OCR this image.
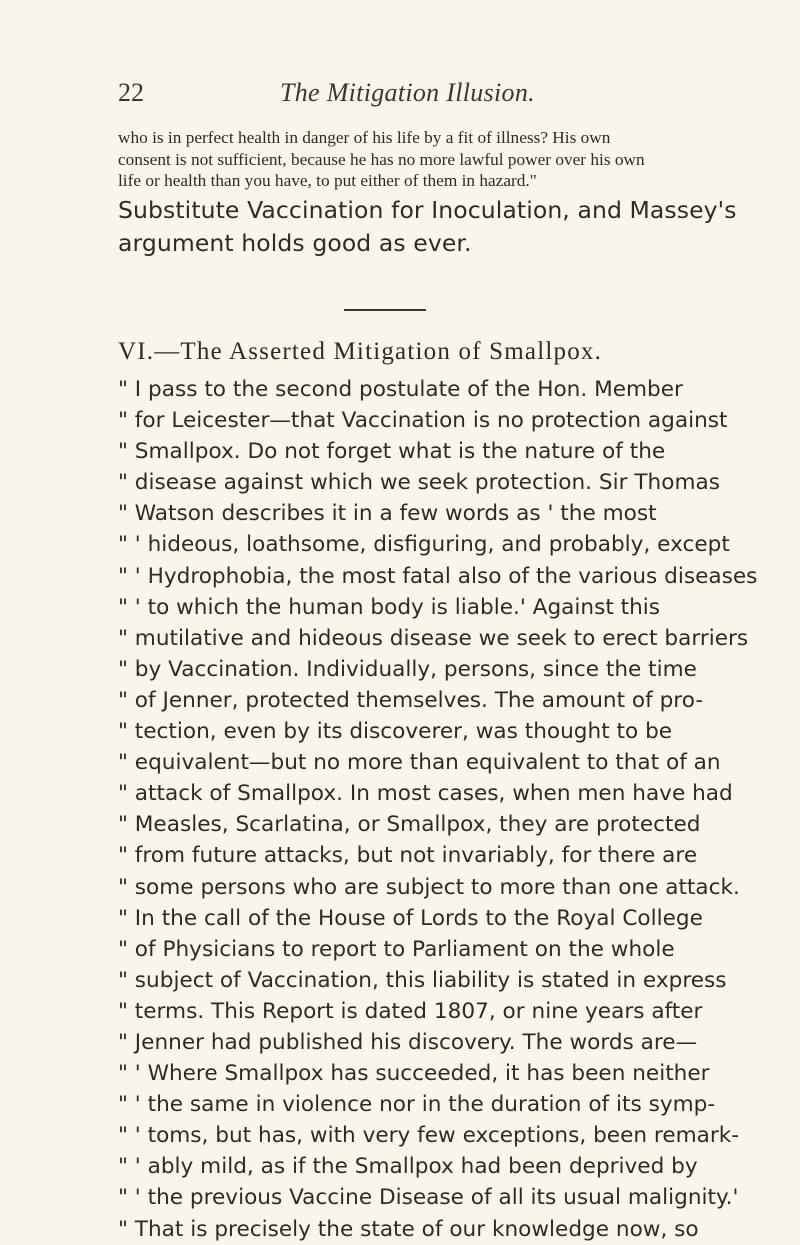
22	The Mitigation Illusion.
who is in perfect health in danger of his life by a fit of illness? His own
consent is not sufficient, because he has no more lawful power over his own
life or health than you have, to put either of them in hazard."
Substitute Vaccination for Inoculation, and Massey's
argument holds good as ever.
VI.—The Asserted Mitigation of Smallpox.
" I pass to the second postulate of the Hon. Member
" for Leicester—that Vaccination is no protection against
" Smallpox. Do not forget what is the nature of the
" disease against which we seek protection. Sir Thomas
" Watson describes it in a few words as ' the most
" ' hideous, loathsome, disfiguring, and probably, except
" ' Hydrophobia, the most fatal also of the various diseases
" ' to which the human body is liable.' Against this
" mutilative and hideous disease we seek to erect barriers
" by Vaccination. Individually, persons, since the time
" of Jenner, protected themselves. The amount of pro-
" tection, even by its discoverer, was thought to be
" equivalent—but no more than equivalent to that of an
" attack of Smallpox. In most cases, when men have had
" Measles, Scarlatina, or Smallpox, they are protected
" from future attacks, but not invariably, for there are
" some persons who are subject to more than one attack.
" In the call of the House of Lords to the Royal College
" of Physicians to report to Parliament on the whole
" subject of Vaccination, this liability is stated in express
" terms. This Report is dated 1807, or nine years after
" Jenner had published his discovery. The words are—
" ' Where Smallpox has succeeded, it has been neither
" ' the same in violence nor in the duration of its symp-
" ' toms, but has, with very few exceptions, been remark-
" ' ably mild, as if the Smallpox had been deprived by
" ' the previous Vaccine Disease of all its usual malignity.'
" That is precisely the state of our knowledge now, so
